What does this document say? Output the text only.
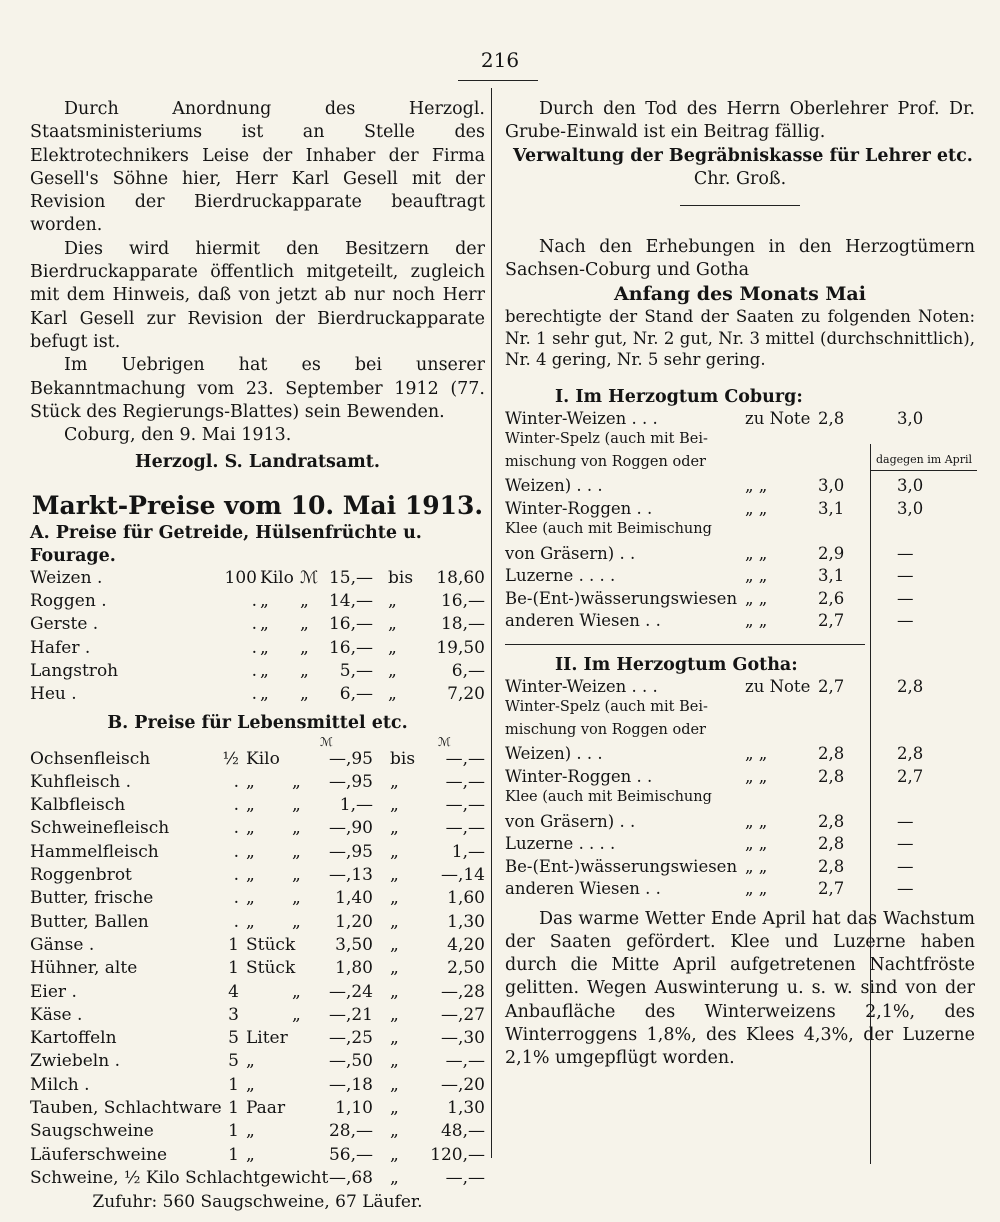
216

Durch Anordnung des Herzogl. Staatsministeriums ist an Stelle des Elektrotechnikers Leise der Inhaber der Firma Gesell's Söhne hier, Herr Karl Gesell mit der Revision der Bierdruckapparate beauftragt worden.

Dies wird hiermit den Besitzern der Bierdruckapparate öffentlich mitgeteilt, zugleich mit dem Hinweis, daß von jetzt ab nur noch Herr Karl Gesell zur Revision der Bierdruckapparate befugt ist.

Im Uebrigen hat es bei unserer Bekanntmachung vom 23. September 1912 (77. Stück des Regierungs-Blattes) sein Bewenden.

Coburg, den 9. Mai 1913.

Herzogl. S. Landratsamt.

Markt-Preise vom 10. Mai 1913.
A. Preise für Getreide, Hülsenfrüchte u. Fourage.
Weizen .	100 Kilo ℳ 15,— bis 18,60
Roggen .	. „ „ 14,— „	16,—
Gerste .	. „ „ 16,— „	18,—
Hafer .	. „ „ 16,— „ 19,50
Langstroh	. „ „ 5,— „	6,—
Heu .	. „ „ 6,— „	7,20
B. Preise für Lebensmittel etc.
ℳ	ℳ
Ochsenfleisch	½ Kilo	—,95 bis —,—
Kuhfleisch .	. „ „ —,95 „	—,—
Kalbfleisch	. „ „ 1,— „	—,—
Schweinefleisch	. „ „ —,90 „	—,—
Hammelfleisch	. „ „ —,95 „	1,—
Roggenbrot	. „ „ —,13 „ —,14
Butter, frische	. „ „ 1,40 „	1,60
Butter, Ballen	. „ „ 1,20 „	1,30
Gänse .	1 Stück 3,50 „	4,20
Hühner, alte	1 Stück 1,80 „	2,50
Eier .	4	„ —,24 „ —,28
Käse .	3	„ —,21 „ —,27
Kartoffeln	5 Liter —,25 „ —,30
Zwiebeln .	5 „	—,50 „	—,—
Milch .	1 „	—,18 „ —,20
Tauben, Schlachtware 1 Paar	1,10 „	1,30
Saugschweine	1 „	28,— „ 48,—
Läuferschweine	1 „	56,— „ 120,—
Schweine, ½ Kilo Schlachtgewicht —,68 „	—,—
Zufuhr: 560 Saugschweine, 67 Läufer.

Durch den Tod des Herrn Oberlehrer Prof. Dr. Grube-Einwald ist ein Beitrag fällig.

Verwaltung der Begräbniskasse für Lehrer etc.

Chr. Groß.

Nach den Erhebungen in den Herzogtümern Sachsen-Coburg und Gotha

Anfang des Monats Mai

berechtigte der Stand der Saaten zu folgenden Noten: Nr. 1 sehr gut, Nr. 2 gut, Nr. 3 mittel (durchschnittlich), Nr. 4 gering, Nr. 5 sehr gering.

I. Im Herzogtum Coburg:
Winter-Weizen . . .	zu Note 2,8	3,0
Winter-Spelz (auch mit Bei-
mischung von Roggen oder
Weizen) . . .	„ „	3,0	3,0
Winter-Roggen . .	„ „	3,1	3,0
Klee (auch mit Beimischung
von Gräsern) . .	„ „	2,9	—
Luzerne . . . .	„ „	3,1	—
Be-(Ent-)wässerungswiesen „ „	2,6	—
anderen Wiesen . .	„ „	2,7	—
II. Im Herzogtum Gotha:
Winter-Weizen . . .	zu Note 2,7	2,8
Winter-Spelz (auch mit Bei-
mischung von Roggen oder
Weizen) . . .	„ „	2,8	2,8
Winter-Roggen . .	„ „	2,8	2,7
Klee (auch mit Beimischung
von Gräsern) . .	„ „	2,8	—
Luzerne . . . .	„ „	2,8	—
Be-(Ent-)wässerungswiesen „ „	2,8	—
anderen Wiesen . .	„ „	2,7	—

Das warme Wetter Ende April hat das Wachstum der Saaten gefördert. Klee und Luzerne haben durch die Mitte April aufgetretenen Nachtfröste gelitten. Wegen Auswinterung u. s. w. sind von der Anbaufläche des Winterweizens 2,1%, des Winterroggens 1,8%, des Klees 4,3%, der Luzerne 2,1% umgepflügt worden.

dagegen im April
